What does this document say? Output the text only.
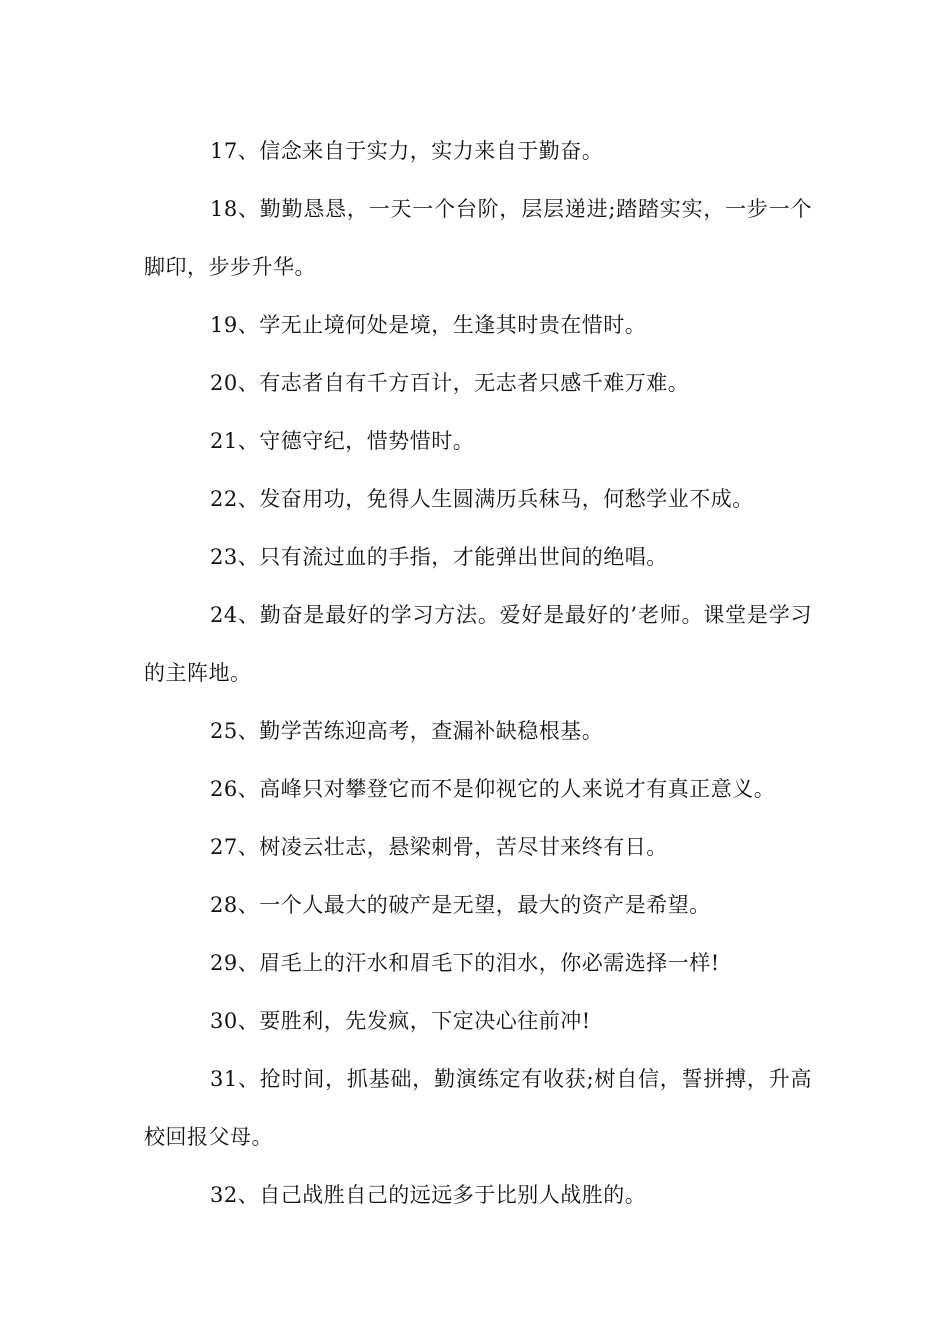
17、信念来自于实力，实力来自于勤奋。

18、勤勤恳恳，一天一个台阶，层层递进;踏踏实实，一步一个脚印，步步升华。

19、学无止境何处是境，生逢其时贵在惜时。

20、有志者自有千方百计，无志者只感千难万难。

21、守德守纪，惜势惜时。

22、发奋用功，免得人生圆满历兵秣马，何愁学业不成。

23、只有流过血的手指，才能弹出世间的绝唱。

24、勤奋是最好的学习方法。爱好是最好的’老师。课堂是学习的主阵地。

25、勤学苦练迎高考，查漏补缺稳根基。

26、高峰只对攀登它而不是仰视它的人来说才有真正意义。

27、树凌云壮志，悬梁刺骨，苦尽甘来终有日。

28、一个人最大的破产是无望，最大的资产是希望。

29、眉毛上的汗水和眉毛下的泪水，你必需选择一样!

30、要胜利，先发疯，下定决心往前冲!

31、抢时间，抓基础，勤演练定有收获;树自信，誓拼搏，升高校回报父母。

32、自己战胜自己的远远多于比别人战胜的。
